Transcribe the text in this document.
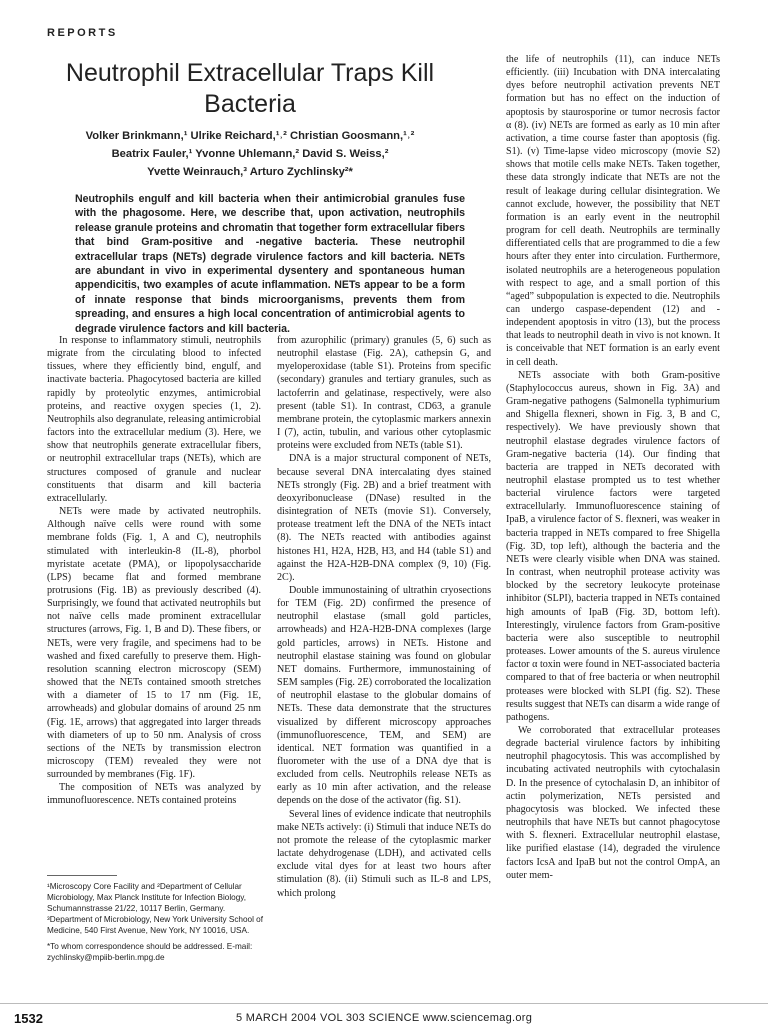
REPORTS
Neutrophil Extracellular Traps Kill Bacteria
Volker Brinkmann,¹ Ulrike Reichard,¹˒² Christian Goosmann,¹˒²
Beatrix Fauler,¹ Yvonne Uhlemann,² David S. Weiss,²
Yvette Weinrauch,³ Arturo Zychlinsky²*
Neutrophils engulf and kill bacteria when their antimicrobial granules fuse with the phagosome. Here, we describe that, upon activation, neutrophils release granule proteins and chromatin that together form extracellular fibers that bind Gram-positive and -negative bacteria. These neutrophil extracellular traps (NETs) degrade virulence factors and kill bacteria. NETs are abundant in vivo in experimental dysentery and spontaneous human appendicitis, two examples of acute inflammation. NETs appear to be a form of innate response that binds microorganisms, prevents them from spreading, and ensures a high local concentration of antimicrobial agents to degrade virulence factors and kill bacteria.

In response to inflammatory stimuli, neutrophils migrate from the circulating blood to infected tissues, where they efficiently bind, engulf, and inactivate bacteria. Phagocytosed bacteria are killed rapidly by proteolytic enzymes, antimicrobial proteins, and reactive oxygen species (1, 2). Neutrophils also degranulate, releasing antimicrobial factors into the extracellular medium (3). Here, we show that neutrophils generate extracellular fibers, or neutrophil extracellular traps (NETs), which are structures composed of granule and nuclear constituents that disarm and kill bacteria extracellularly.

NETs were made by activated neutrophils. Although naïve cells were round with some membrane folds (Fig. 1, A and C), neutrophils stimulated with interleukin-8 (IL-8), phorbol myristate acetate (PMA), or lipopolysaccharide (LPS) became flat and formed membrane protrusions (Fig. 1B) as previously described (4). Surprisingly, we found that activated neutrophils but not naïve cells made prominent extracellular structures (arrows, Fig. 1, B and D). These fibers, or NETs, were very fragile, and specimens had to be washed and fixed carefully to preserve them. High-resolution scanning electron microscopy (SEM) showed that the NETs contained smooth stretches with a diameter of 15 to 17 nm (Fig. 1E, arrowheads) and globular domains of around 25 nm (Fig. 1E, arrows) that aggregated into larger threads with diameters of up to 50 nm. Analysis of cross sections of the NETs by transmission electron microscopy (TEM) revealed they were not surrounded by membranes (Fig. 1F).

The composition of NETs was analyzed by immunofluorescence. NETs contained proteins

¹Microscopy Core Facility and ²Department of Cellular Microbiology, Max Planck Institute for Infection Biology, Schumannstrasse 21/22, 10117 Berlin, Germany. ³Department of Microbiology, New York University School of Medicine, 540 First Avenue, New York, NY 10016, USA.

*To whom correspondence should be addressed. E-mail: zychlinsky@mpiib-berlin.mpg.de

from azurophilic (primary) granules (5, 6) such as neutrophil elastase (Fig. 2A), cathepsin G, and myeloperoxidase (table S1). Proteins from specific (secondary) granules and tertiary granules, such as lactoferrin and gelatinase, respectively, were also present (table S1). In contrast, CD63, a granule membrane protein, the cytoplasmic markers annexin I (7), actin, tubulin, and various other cytoplasmic proteins were excluded from NETs (table S1).

DNA is a major structural component of NETs, because several DNA intercalating dyes stained NETs strongly (Fig. 2B) and a brief treatment with deoxyribonuclease (DNase) resulted in the disintegration of NETs (movie S1). Conversely, protease treatment left the DNA of the NETs intact (8). The NETs reacted with antibodies against histones H1, H2A, H2B, H3, and H4 (table S1) and against the H2A-H2B-DNA complex (9, 10) (Fig. 2C).

Double immunostaining of ultrathin cryosections for TEM (Fig. 2D) confirmed the presence of neutrophil elastase (small gold particles, arrowheads) and H2A-H2B-DNA complexes (large gold particles, arrows) in NETs. Histone and neutrophil elastase staining was found on globular NET domains. Furthermore, immunostaining of SEM samples (Fig. 2E) corroborated the localization of neutrophil elastase to the globular domains of NETs. These data demonstrate that the structures visualized by different microscopy approaches (immunofluorescence, TEM, and SEM) are identical. NET formation was quantified in a fluorometer with the use of a DNA dye that is excluded from cells. Neutrophils release NETs as early as 10 min after activation, and the release depends on the dose of the activator (fig. S1).

Several lines of evidence indicate that neutrophils make NETs actively: (i) Stimuli that induce NETs do not promote the release of the cytoplasmic marker lactate dehydrogenase (LDH), and activated cells exclude vital dyes for at least two hours after stimulation (8). (ii) Stimuli such as IL-8 and LPS, which prolong

the life of neutrophils (11), can induce NETs efficiently. (iii) Incubation with DNA intercalating dyes before neutrophil activation prevents NET formation but has no effect on the induction of apoptosis by staurosporine or tumor necrosis factor α (8). (iv) NETs are formed as early as 10 min after activation, a time course faster than apoptosis (fig. S1). (v) Time-lapse video microscopy (movie S2) shows that motile cells make NETs. Taken together, these data strongly indicate that NETs are not the result of leakage during cellular disintegration. We cannot exclude, however, the possibility that NET formation is an early event in the neutrophil program for cell death. Neutrophils are terminally differentiated cells that are programmed to die a few hours after they enter into circulation. Furthermore, isolated neutrophils are a heterogeneous population with respect to age, and a small portion of this “aged” subpopulation is expected to die. Neutrophils can undergo caspase-dependent (12) and -independent apoptosis in vitro (13), but the process that leads to neutrophil death in vivo is not known. It is conceivable that NET formation is an early event in cell death.

NETs associate with both Gram-positive (Staphylococcus aureus, shown in Fig. 3A) and Gram-negative pathogens (Salmonella typhimurium and Shigella flexneri, shown in Fig. 3, B and C, respectively). We have previously shown that neutrophil elastase degrades virulence factors of Gram-negative bacteria (14). Our finding that bacteria are trapped in NETs decorated with neutrophil elastase prompted us to test whether bacterial virulence factors were targeted extracellularly. Immunofluorescence staining of IpaB, a virulence factor of S. flexneri, was weaker in bacteria trapped in NETs compared to free Shigella (Fig. 3D, top left), although the bacteria and the NETs were clearly visible when DNA was stained. In contrast, when neutrophil protease activity was blocked by the secretory leukocyte proteinase inhibitor (SLPI), bacteria trapped in NETs contained high amounts of IpaB (Fig. 3D, bottom left). Interestingly, virulence factors from Gram-positive bacteria were also susceptible to neutrophil proteases. Lower amounts of the S. aureus virulence factor α toxin were found in NET-associated bacteria compared to that of free bacteria or when neutrophil proteases were blocked with SLPI (fig. S2). These results suggest that NETs can disarm a wide range of pathogens.

We corroborated that extracellular proteases degrade bacterial virulence factors by inhibiting neutrophil phagocytosis. This was accomplished by incubating activated neutrophils with cytochalasin D. In the presence of cytochalasin D, an inhibitor of actin polymerization, NETs persisted and phagocytosis was blocked. We infected these neutrophils that have NETs but cannot phagocytose with S. flexneri. Extracellular neutrophil elastase, like purified elastase (14), degraded the virulence factors IcsA and IpaB but not the control OmpA, an outer mem-

1532	5 MARCH 2004 VOL 303 SCIENCE www.sciencemag.org
